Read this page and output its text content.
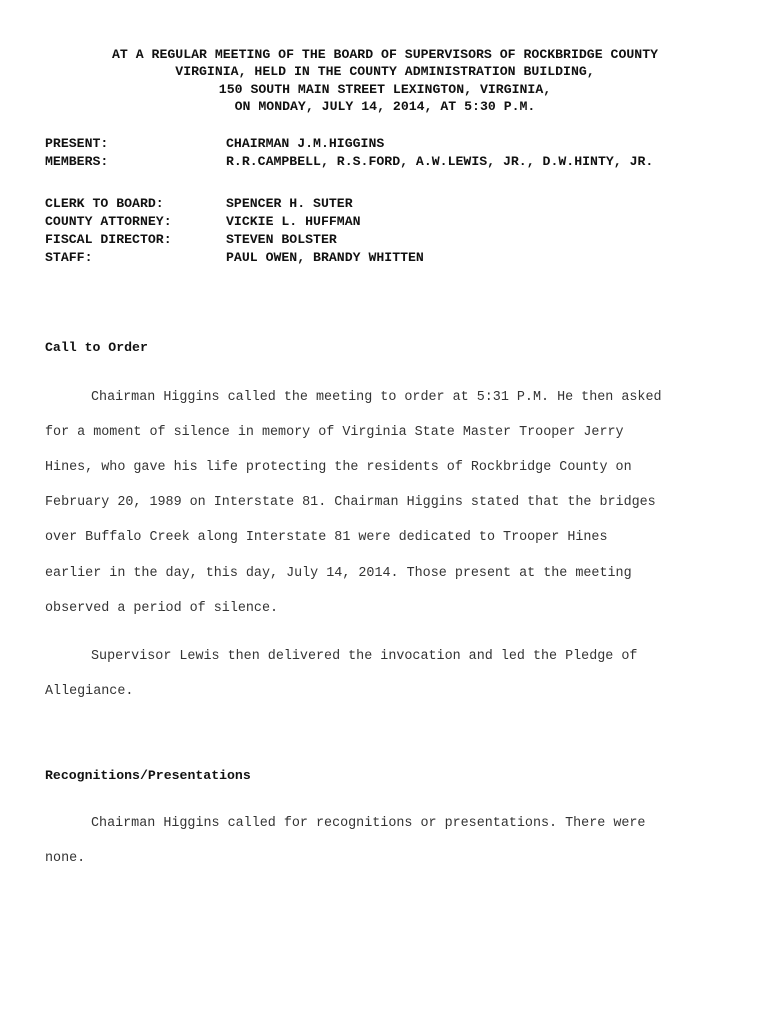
AT A REGULAR MEETING OF THE BOARD OF SUPERVISORS OF ROCKBRIDGE COUNTY
VIRGINIA, HELD IN THE COUNTY ADMINISTRATION BUILDING,
150 SOUTH MAIN STREET LEXINGTON, VIRGINIA,
ON MONDAY, JULY 14, 2014, AT 5:30 P.M.
PRESENT:	CHAIRMAN J.M.HIGGINS
MEMBERS:	R.R.CAMPBELL, R.S.FORD, A.W.LEWIS, JR., D.W.HINTY, JR.
CLERK TO BOARD:	SPENCER H. SUTER
COUNTY ATTORNEY:	VICKIE L. HUFFMAN
FISCAL DIRECTOR:	STEVEN BOLSTER
STAFF:	PAUL OWEN, BRANDY WHITTEN
Call to Order
Chairman Higgins called the meeting to order at 5:31 P.M. He then asked
for a moment of silence in memory of Virginia State Master Trooper Jerry
Hines, who gave his life protecting the residents of Rockbridge County on
February 20, 1989 on Interstate 81. Chairman Higgins stated that the bridges
over Buffalo Creek along Interstate 81 were dedicated to Trooper Hines
earlier in the day, this day, July 14, 2014. Those present at the meeting
observed a period of silence.
Supervisor Lewis then delivered the invocation and led the Pledge of
Allegiance.
Recognitions/Presentations
Chairman Higgins called for recognitions or presentations. There were
none.
